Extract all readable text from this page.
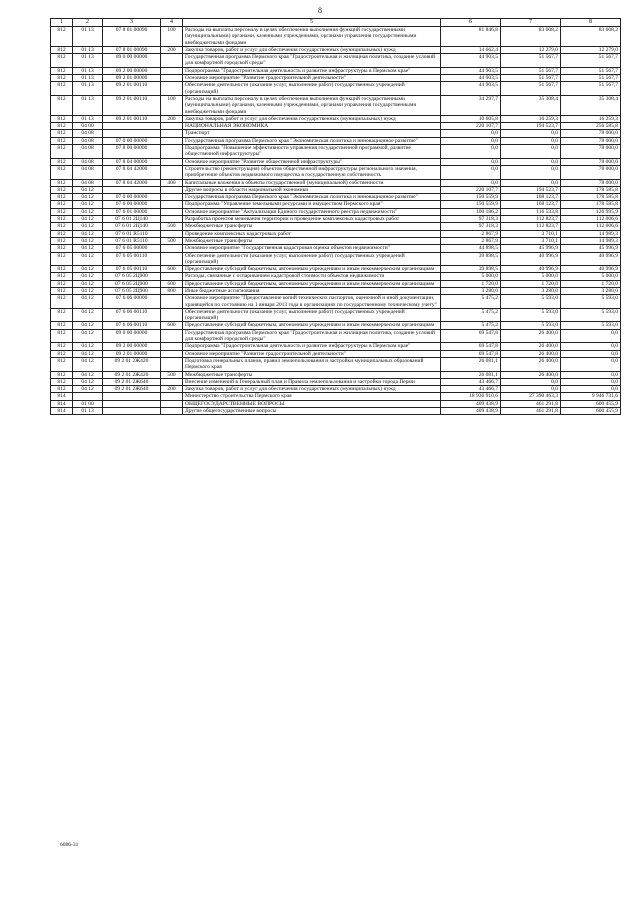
8
1	2	3	4	5	6	7	8
812	01 13	07 8 01 00090	100	Расходы на выплаты персоналу в целях обеспечения выполнения функций государственными (муниципальными) органами, казенными учреждениями, органами управления государственными внебюджетными фондами	81 846,8	83 608,2	83 608,2
812	01 13	07 8 01 00090	200	Закупка товаров, работ и услуг для обеспечения государственных (муниципальных) нужд	14 662,4	12 279,0	12 279,0
812	01 13	09 0 00 00000		Государственная программа Пермского края "Градостроительная и жилищная политика, создание условий для комфортной городской среды"	44 903,5	51 567,7	51 567,7
812	01 13	09 2 00 00000		Подпрограмма "Градостроительная деятельность и развитие инфраструктуры в Пермском крае"	44 903,5	51 567,7	51 567,7
812	01 13	09 2 01 00000		Основное мероприятие "Развитие градостроительной деятельности"	44 903,5	51 567,7	51 567,7
812	01 13	09 2 01 00110		Обеспечение деятельности (оказание услуг, выполнение работ) государственных учреждений (организаций)	44 903,5	51 567,7	51 567,7
812	01 13	09 2 01 00110	100	Расходы на выплаты персоналу в целях обеспечения выполнения функций государственными (муниципальными) органами, казенными учреждениями, органами управления государственными внебюджетными фондами	34 297,7	35 308,4	35 308,4
812	01 13	09 2 01 00110	200	Закупка товаров, работ и услуг для обеспечения государственных (муниципальных) нужд	10 605,8	16 259,3	16 259,3
812	04 00			НАЦИОНАЛЬНАЯ ЭКОНОМИКА	220 107,7	194 523,7	256 585,8
812	04 08			Транспорт	0,0	0,0	78 000,0
812	04 08	07 0 00 00000		Государственная программа Пермского края "Экономическая политика и инновационное развитие"	0,0	0,0	78 000,0
812	04 08	07 8 00 00000		Подпрограмма "Повышение эффективности управления государственной программой, развитие общественной инфраструктуры"	0,0	0,0	78 000,0
812	04 08	07 8 04 00000		Основное мероприятие "Развитие общественной инфраструктуры"	0,0	0,0	78 000,0
812	04 08	07 8 04 42000		Строительство (реконструкция) объектов общественной инфраструктуры регионального значения, приобретение объектов недвижимого имущества в государственную собственность	0,0	0,0	78 000,0
812	04 08	07 8 04 42000	400	Капитальные вложения в объекты государственной (муниципальной) собственности	0,0	0,0	78 000,0
812	04 12			Другие вопросы в области национальной экономики	220 107,7	194 523,7	178 585,8
812	04 12	07 0 00 00000		Государственная программа Пермского края "Экономическая политика и инновационное развитие"	150 559,9	168 123,7	178 585,8
812	04 12	07 6 00 00000		Подпрограмма "Управление земельными ресурсами и имуществом Пермского края"	150 559,9	168 123,7	178 585,8
812	04 12	07 6 01 00000		Основное мероприятие "Актуализация Единого государственного реестра недвижимости"	100 186,2	116 533,8	126 995,9
812	04 12	07 6 01 2Ц140		Разработка проектов межевания территории и проведение комплексных кадастровых работ	97 318,3	112 823,7	112 006,6
812	04 12	07 6 01 2Ц140	500	Межбюджетные трансферты	97 318,3	112 823,7	112 006,6
812	04 12	07 6 01 R5110		Проведение комплексных кадастровых работ	2 867,9	3 710,1	14 989,3
812	04 12	07 6 01 R5110	500	Межбюджетные трансферты	2 867,9	3 710,1	14 989,3
812	04 12	07 6 05 00000		Основное мероприятие "Государственная кадастровая оценка объектов недвижимости"	44 898,5	45 996,9	45 996,9
812	04 12	07 6 05 00110		Обеспечение деятельности (оказание услуг, выполнение работ) государственных учреждений (организаций)	39 898,5	40 996,9	40 996,9
812	04 12	07 6 05 00110	600	Предоставление субсидий бюджетным, автономным учреждениям и иным некоммерческим организациям	39 898,5	40 996,9	40 996,9
812	04 12	07 6 05 2Ц900		Расходы, связанные с оспариванием кадастровой стоимости объектов недвижимости	5 000,0	5 000,0	5 000,0
812	04 12	07 6 05 2Ц900	600	Предоставление субсидий бюджетным, автономным учреждениям и иным некоммерческим организациям	1 720,0	1 720,0	1 720,0
812	04 12	07 6 05 2Ц900	800	Иные бюджетные ассигнования	3 280,0	3 280,0	3 280,0
812	04 12	07 6 06 00000		Основное мероприятие "Предоставление копий технических паспортов, оценочной и иной документации, хранящейся по состоянию на 1 января 2013 года в организациях по государственному техническому учету"	5 475,2	5 593,0	5 593,0
812	04 12	07 6 06 00110		Обеспечение деятельности (оказание услуг, выполнение работ) государственных учреждений (организаций)	5 475,2	5 593,0	5 593,0
812	04 12	07 6 06 00110	600	Предоставление субсидий бюджетным, автономным учреждениям и иным некоммерческим организациям	5 475,2	5 593,0	5 593,0
812	04 12	09 0 00 00000		Государственная программа Пермского края "Градостроительная и жилищная политика, создание условий для комфортной городской среды"	69 547,8	26 400,0	0,0
812	04 12	09 2 00 00000		Подпрограмма "Градостроительная деятельность и развитие инфраструктуры в Пермском крае"	69 547,8	26 400,0	0,0
812	04 12	09 2 01 00000		Основное мероприятие "Развитие градостроительной деятельности"	69 547,8	26 400,0	0,0
812	04 12	09 2 01 2Ж420		Подготовка генеральных планов, правил землепользования и застройки муниципальных образований Пермского края	26 081,1	26 400,0	0,0
812	04 12	09 2 01 2Ж420	500	Межбюджетные трансферты	26 081,1	26 400,0	0,0
812	04 12	09 2 01 2Ж640		Внесение изменений в Генеральный план и Правила землепользования и застройки города Перми	43 466,7	0,0	0,0
812	04 12	09 2 01 2Ж640	200	Закупка товаров, работ и услуг для обеспечения государственных (муниципальных) нужд	43 466,7	0,0	0,0
814				Министерство строительства Пермского края	18 936 910,6	27 390 463,3	9 946 731,6
814	01 00			ОБЩЕГОСУДАРСТВЕННЫЕ ВОПРОСЫ	409 438,9	461 291,8	600 455,9
814	01 13			Другие общегосударственные вопросы	409 438,9	461 291,8	600 455,9
6086-31
